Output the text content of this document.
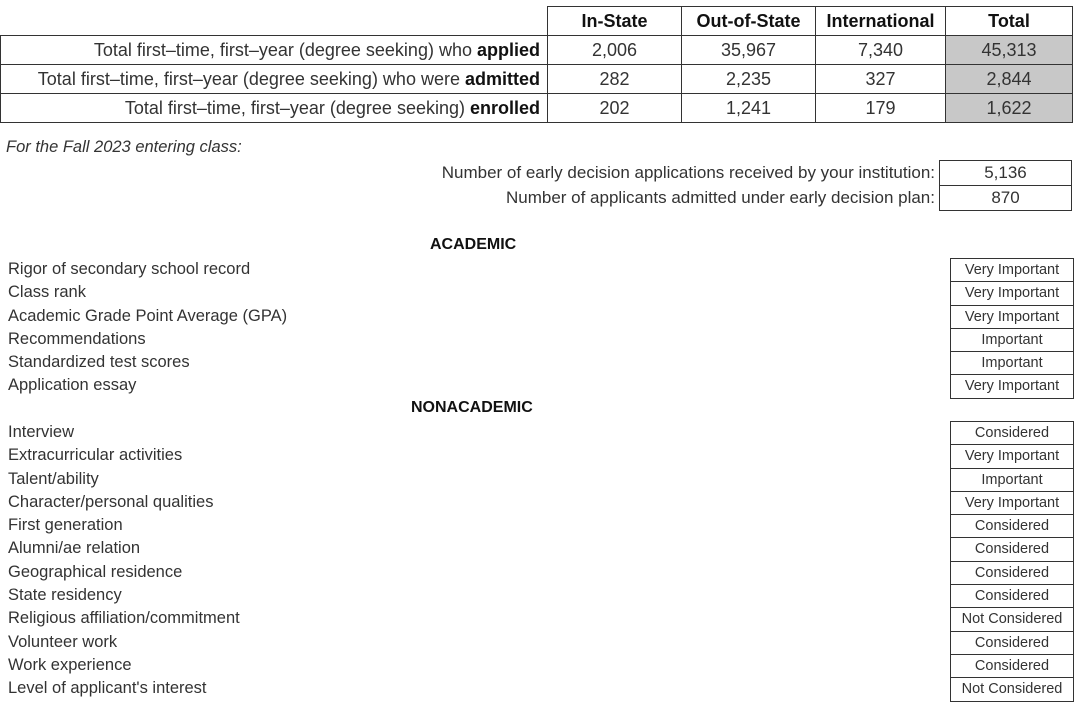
	In-State	Out-of-State	International	Total
Total first–time, first–year (degree seeking) who applied	2,006	35,967	7,340	45,313
Total first–time, first–year (degree seeking) who were admitted	282	2,235	327	2,844
Total first–time, first–year (degree seeking) enrolled	202	1,241	179	1,622
For the Fall 2023 entering class:
Number of early decision applications received by your institution:	5,136
Number of applicants admitted under early decision plan:	870
ACADEMIC
Rigor of secondary school record	Very Important
Class rank	Very Important
Academic Grade Point Average (GPA)	Very Important
Recommendations	Important
Standardized test scores	Important
Application essay	Very Important
NONACADEMIC
Interview	Considered
Extracurricular activities	Very Important
Talent/ability	Important
Character/personal qualities	Very Important
First generation	Considered
Alumni/ae relation	Considered
Geographical residence	Considered
State residency	Considered
Religious affiliation/commitment	Not Considered
Volunteer work	Considered
Work experience	Considered
Level of applicant's interest	Not Considered
